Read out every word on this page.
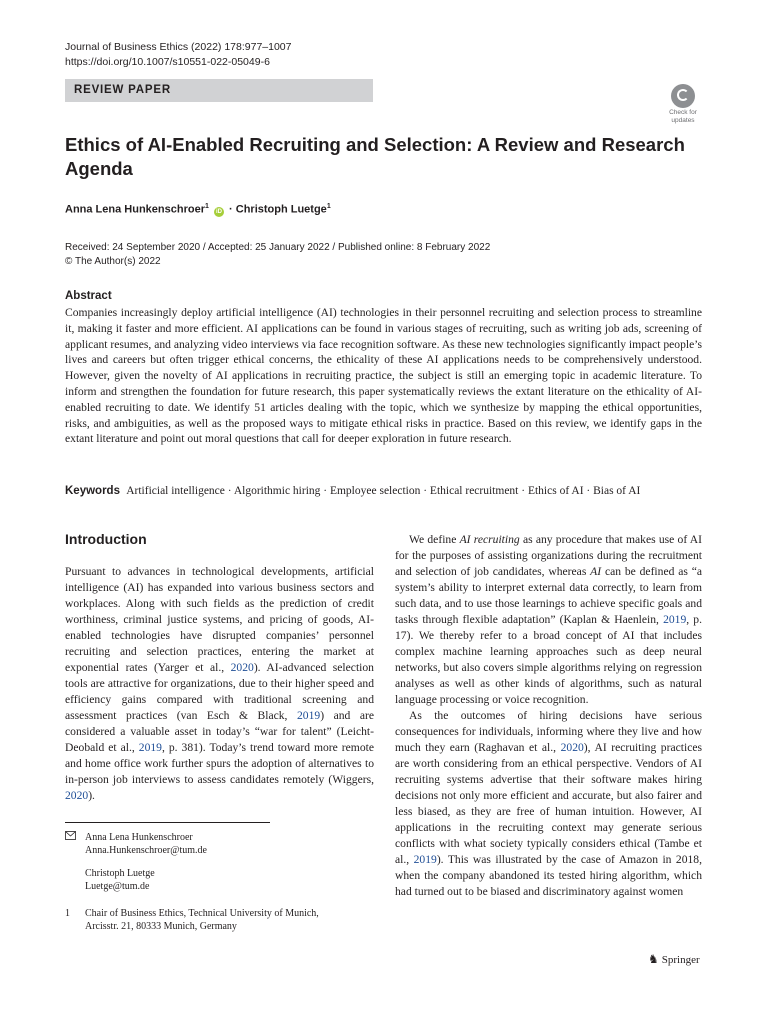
Journal of Business Ethics (2022) 178:977–1007
https://doi.org/10.1007/s10551-022-05049-6
REVIEW PAPER
Check for
updates
Ethics of AI-Enabled Recruiting and Selection: A Review and Research
Agenda
Anna Lena Hunkenschroer$^1$ iD · Christoph Luetge$^1$
Received: 24 September 2020 / Accepted: 25 January 2022 / Published online: 8 February 2022
© The Author(s) 2022
Abstract
Companies increasingly deploy artificial intelligence (AI) technologies in their personnel recruiting and selection process to streamline it, making it faster and more efficient. AI applications can be found in various stages of recruiting, such as writing job ads, screening of applicant resumes, and analyzing video interviews via face recognition software. As these new technologies significantly impact people’s lives and careers but often trigger ethical concerns, the ethicality of these AI applications needs to be comprehensively understood. However, given the novelty of AI applications in recruiting practice, the subject is still an emerging topic in academic literature. To inform and strengthen the foundation for future research, this paper systematically reviews the extant literature on the ethicality of AI-enabled recruiting to date. We identify 51 articles dealing with the topic, which we synthesize by mapping the ethical opportunities, risks, and ambiguities, as well as the proposed ways to mitigate ethical risks in practice. Based on this review, we identify gaps in the extant literature and point out moral questions that call for deeper exploration in future research.
Keywords Artificial intelligence · Algorithmic hiring · Employee selection · Ethical recruitment · Ethics of AI · Bias of AI
Introduction

Pursuant to advances in technological developments, artificial intelligence (AI) has expanded into various business sectors and workplaces. Along with such fields as the prediction of credit worthiness, criminal justice systems, and pricing of goods, AI-enabled technologies have disrupted companies’ personnel recruiting and selection practices, entering the market at exponential rates (Yarger et al., 2020). AI-advanced selection tools are attractive for organizations, due to their higher speed and efficiency gains compared with traditional screening and assessment practices (van Esch & Black, 2019) and are considered a valuable asset in today’s “war for talent” (Leicht-Deobald et al., 2019, p. 381). Today’s trend toward more remote and home office work further spurs the adoption of alternatives to in-person job interviews to assess candidates remotely (Wiggers, 2020).

We define AI recruiting as any procedure that makes use of AI for the purposes of assisting organizations during the recruitment and selection of job candidates, whereas AI can be defined as “a system’s ability to interpret external data correctly, to learn from such data, and to use those learnings to achieve specific goals and tasks through flexible adaptation” (Kaplan & Haenlein, 2019, p. 17). We thereby refer to a broad concept of AI that includes complex machine learning approaches such as deep neural networks, but also covers simple algorithms relying on regression analyses as well as other kinds of algorithms, such as natural language processing or voice recognition.

As the outcomes of hiring decisions have serious consequences for individuals, informing where they live and how much they earn (Raghavan et al., 2020), AI recruiting practices are worth considering from an ethical perspective. Vendors of AI recruiting systems advertise that their software makes hiring decisions not only more efficient and accurate, but also fairer and less biased, as they are free of human intuition. However, AI applications in the recruiting context may generate serious conflicts with what society typically considers ethical (Tambe et al., 2019). This was illustrated by the case of Amazon in 2018, when the company abandoned its tested hiring algorithm, which had turned out to be biased and discriminatory against women

Anna Lena Hunkenschroer
Anna.Hunkenschroer@tum.de
Christoph Luetge
Luetge@tum.de
1 Chair of Business Ethics, Technical University of Munich,
Arcisstr. 21, 80333 Munich, Germany
♞ Springer
